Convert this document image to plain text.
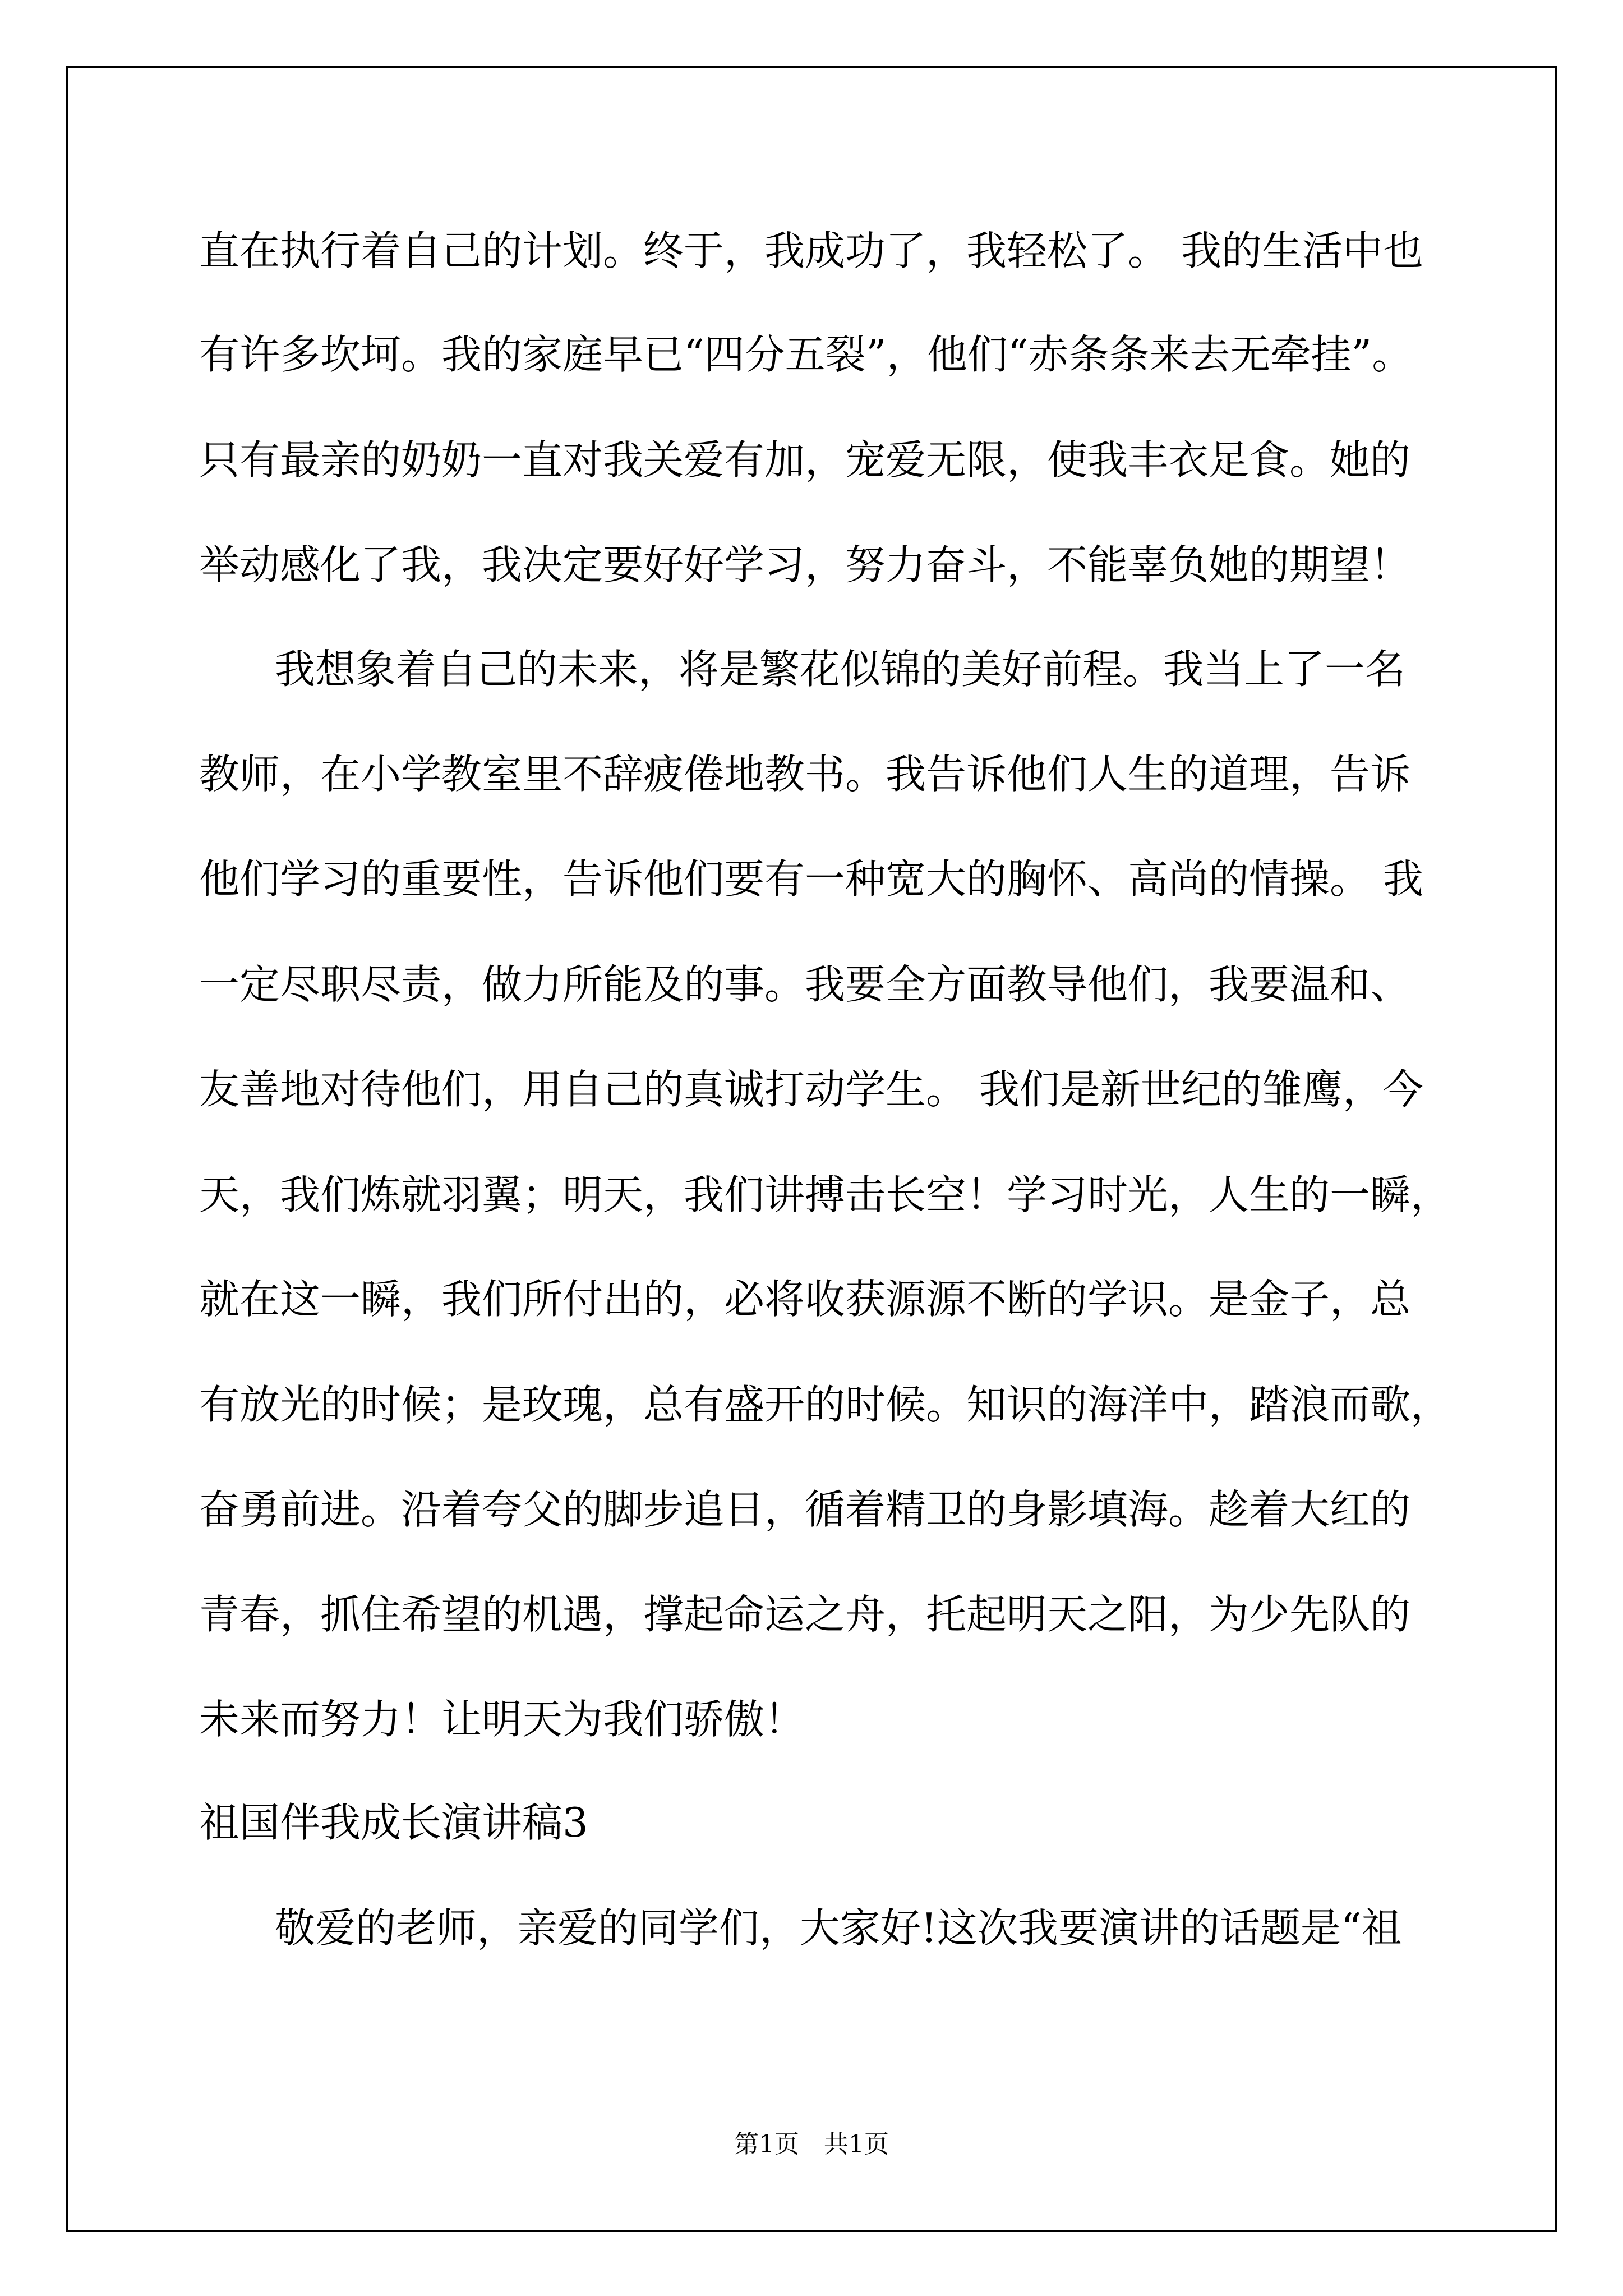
直在执行着自己的计划。终于，我成功了，我轻松了。 我的生活中也
有许多坎坷。我的家庭早已“四分五裂”，他们“赤条条来去无牵挂”。
只有最亲的奶奶一直对我关爱有加，宠爱无限，使我丰衣足食。她的
举动感化了我，我决定要好好学习，努力奋斗，不能辜负她的期望！
我想象着自己的未来，将是繁花似锦的美好前程。我当上了一名
教师，在小学教室里不辞疲倦地教书。我告诉他们人生的道理，告诉
他们学习的重要性，告诉他们要有一种宽大的胸怀、高尚的情操。 我
一定尽职尽责，做力所能及的事。我要全方面教导他们，我要温和、
友善地对待他们，用自己的真诚打动学生。 我们是新世纪的雏鹰，今
天，我们炼就羽翼；明天，我们讲搏击长空！学习时光，人生的一瞬，
就在这一瞬，我们所付出的，必将收获源源不断的学识。是金子，总
有放光的时候；是玫瑰，总有盛开的时候。知识的海洋中，踏浪而歌，
奋勇前进。沿着夸父的脚步追日，循着精卫的身影填海。趁着大红的
青春，抓住希望的机遇，撑起命运之舟，托起明天之阳，为少先队的
未来而努力！让明天为我们骄傲！
祖国伴我成长演讲稿3
敬爱的老师，亲爱的同学们，大家好!这次我要演讲的话题是“祖
第1页　共1页
